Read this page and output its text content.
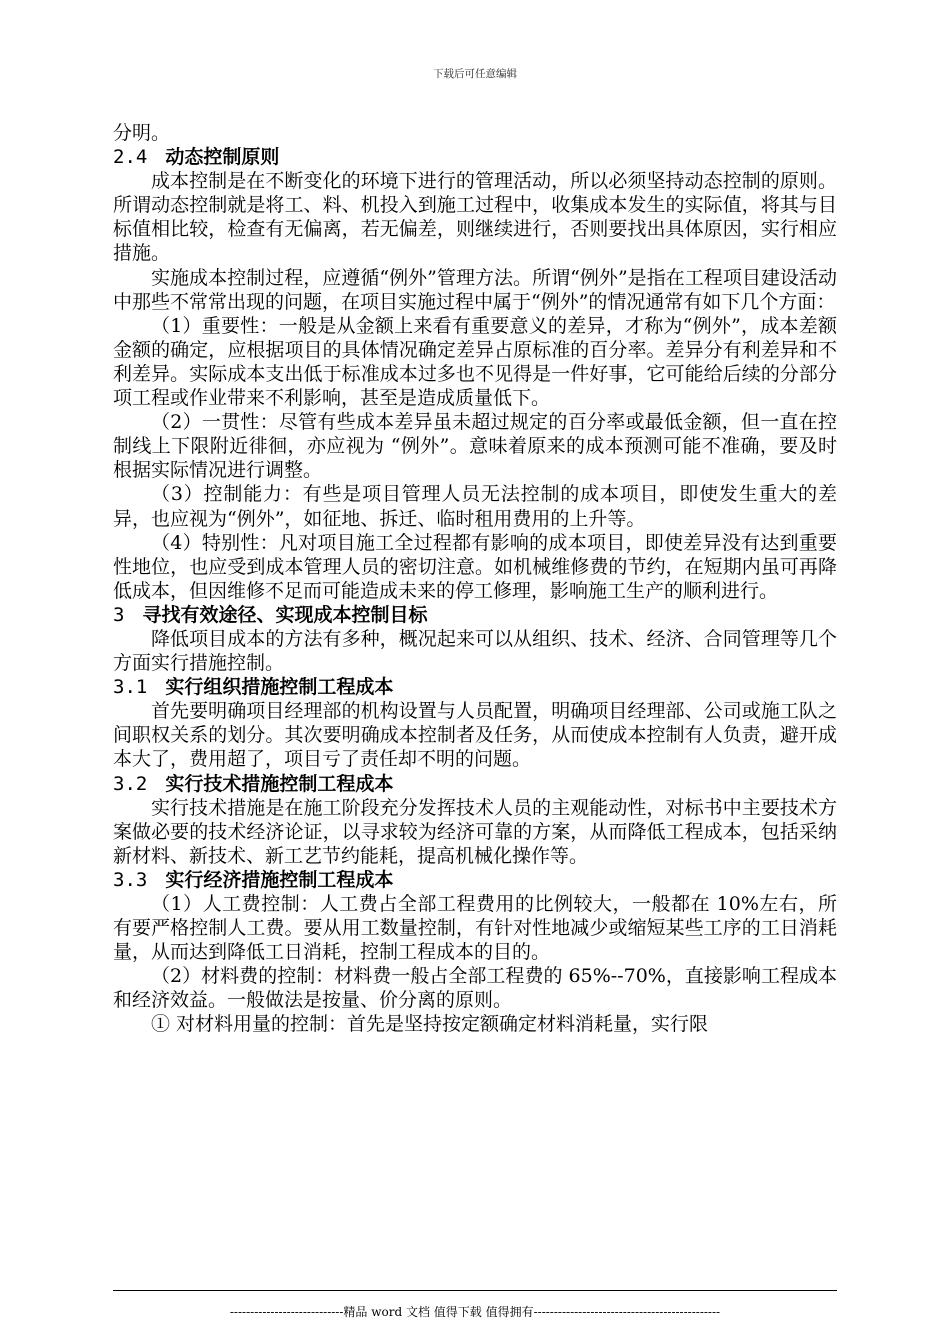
下载后可任意编辑

分明。

2.4 动态控制原则

成本控制是在不断变化的环境下进行的管理活动，所以必须坚持动态控制的原则。所谓动态控制就是将工、料、机投入到施工过程中，收集成本发生的实际值，将其与目标值相比较，检查有无偏离，若无偏差，则继续进行，否则要找出具体原因，实行相应措施。

实施成本控制过程，应遵循“例外”管理方法。所谓“例外”是指在工程项目建设活动中那些不常常出现的问题，在项目实施过程中属于“例外”的情况通常有如下几个方面：

（1）重要性：一般是从金额上来看有重要意义的差异，才称为“例外”，成本差额金额的确定，应根据项目的具体情况确定差异占原标准的百分率。差异分有利差异和不利差异。实际成本支出低于标准成本过多也不见得是一件好事，它可能给后续的分部分项工程或作业带来不利影响，甚至是造成质量低下。

（2）一贯性：尽管有些成本差异虽未超过规定的百分率或最低金额，但一直在控制线上下限附近徘徊，亦应视为 “例外”。意味着原来的成本预测可能不准确，要及时根据实际情况进行调整。

（3）控制能力：有些是项目管理人员无法控制的成本项目，即使发生重大的差异，也应视为“例外”，如征地、拆迁、临时租用费用的上升等。

（4）特别性：凡对项目施工全过程都有影响的成本项目，即使差异没有达到重要性地位，也应受到成本管理人员的密切注意。如机械维修费的节约，在短期内虽可再降低成本，但因维修不足而可能造成未来的停工修理，影响施工生产的顺利进行。

3 寻找有效途径、实现成本控制目标

降低项目成本的方法有多种，概况起来可以从组织、技术、经济、合同管理等几个方面实行措施控制。

3.1 实行组织措施控制工程成本

首先要明确项目经理部的机构设置与人员配置，明确项目经理部、公司或施工队之间职权关系的划分。其次要明确成本控制者及任务，从而使成本控制有人负责，避开成本大了，费用超了，项目亏了责任却不明的问题。

3.2 实行技术措施控制工程成本

实行技术措施是在施工阶段充分发挥技术人员的主观能动性，对标书中主要技术方案做必要的技术经济论证，以寻求较为经济可靠的方案，从而降低工程成本，包括采纳新材料、新技术、新工艺节约能耗，提高机械化操作等。

3.3 实行经济措施控制工程成本

（1）人工费控制：人工费占全部工程费用的比例较大，一般都在 10%左右，所有要严格控制人工费。要从用工数量控制，有针对性地减少或缩短某些工序的工日消耗量，从而达到降低工日消耗，控制工程成本的目的。

（2）材料费的控制：材料费一般占全部工程费的 65%--70%，直接影响工程成本和经济效益。一般做法是按量、价分离的原则。

① 对材料用量的控制：首先是坚持按定额确定材料消耗量，实行限

----------------------------精品 word 文档 值得下载 值得拥有----------------------------------------------
